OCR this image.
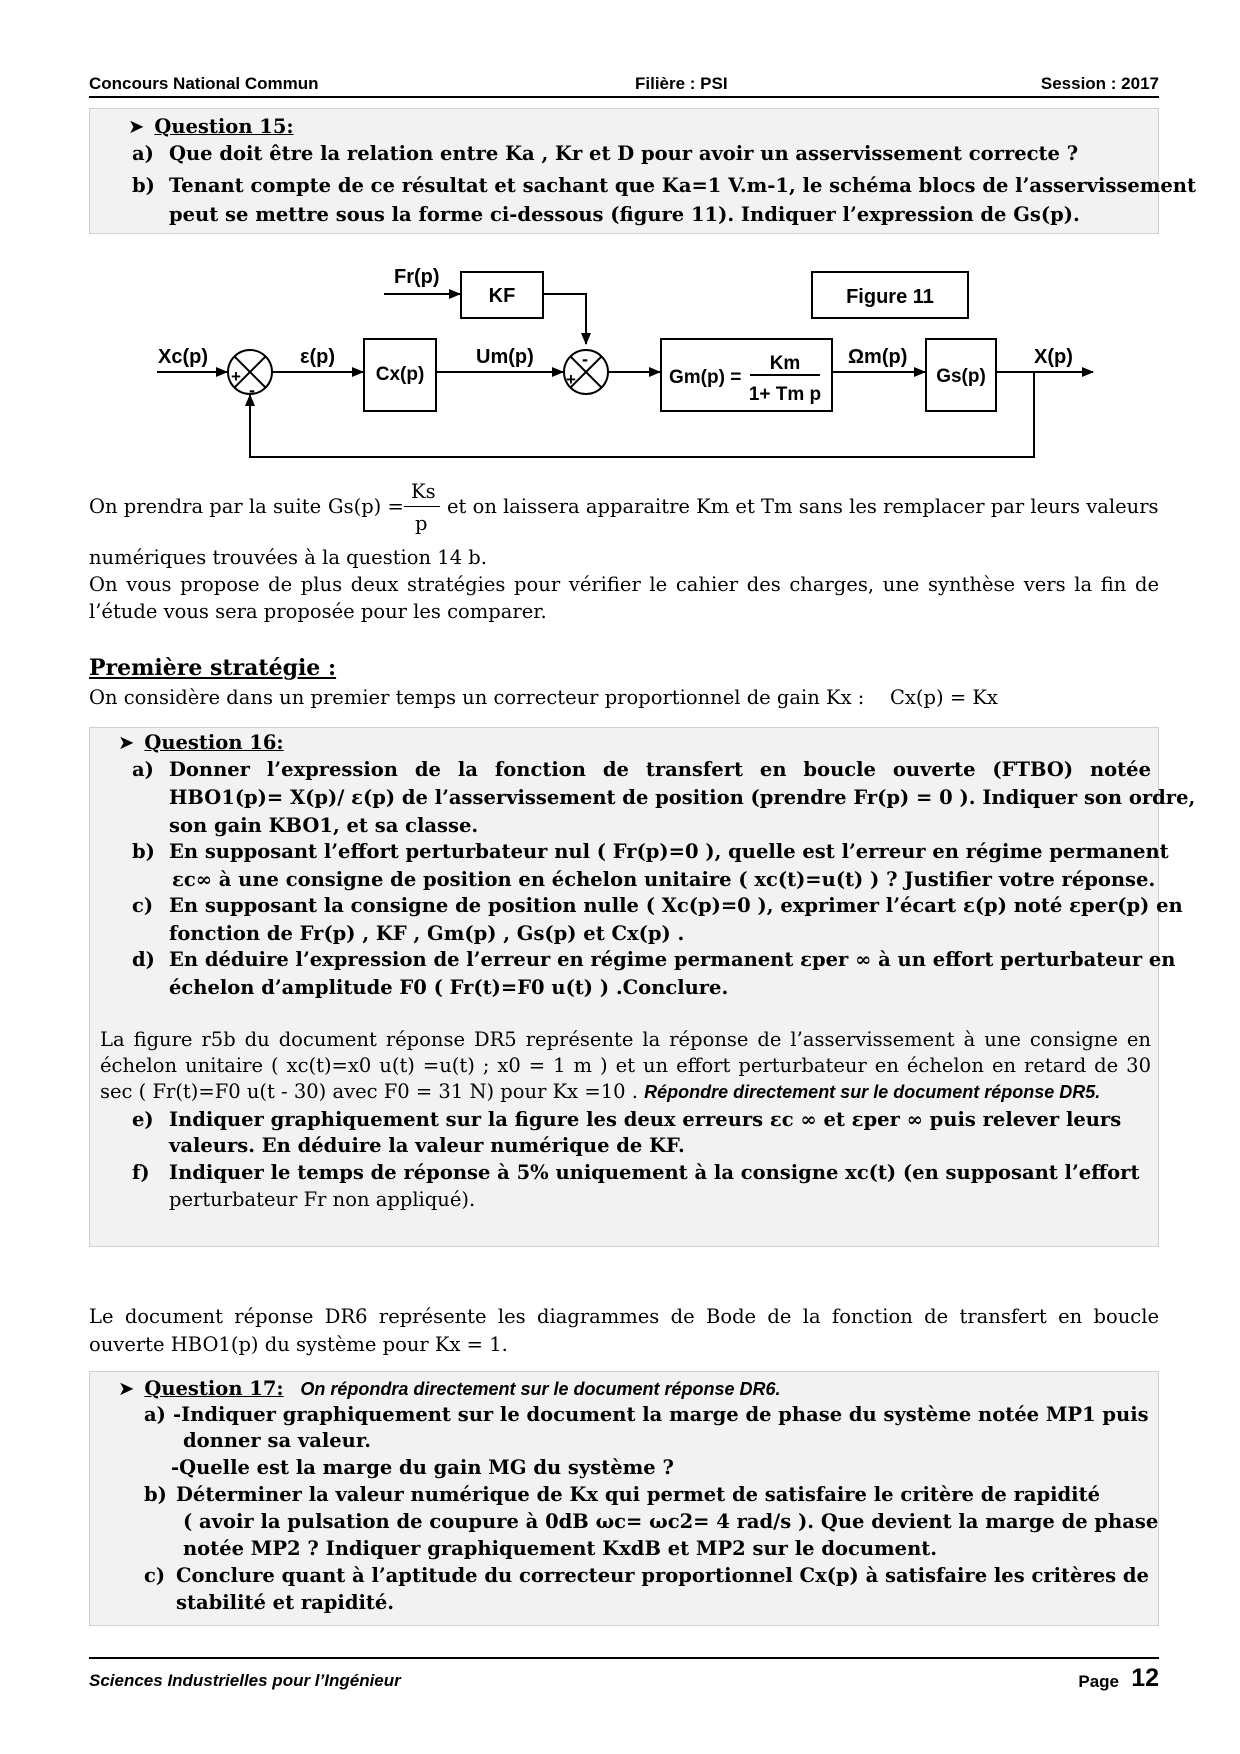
Concours National Commun	Filière : PSI	Session : 2017
➤ Question 15:
a) Que doit être la relation entre Ka , Kr et D pour avoir un asservissement correcte ?
b) Tenant compte de ce résultat et sachant que Ka=1 V.m-1, le schéma blocs de l’asservissement
peut se mettre sous la forme ci-dessous (figure 11). Indiquer l’expression de Gs(p).
Figure 11
Fr(p)
KF
Xc(p)	ε(p)
Cx(p)
Um(p)
Gm(p) =
Km
1+ Tm p
Ωm(p)
Gs(p)
X(p)
+
-
-
+
On prendra par la suite Gs(p) =
Ks
p
et on laissera apparaitre Km et Tm sans les remplacer par leurs valeurs
numériques trouvées à la question 14 b.
On vous propose de plus deux stratégies pour vérifier le cahier des charges, une synthèse vers la fin de
l’étude vous sera proposée pour les comparer.
Première stratégie :
On considère dans un premier temps un correcteur proportionnel de gain Kx : Cx(p) = Kx
➤ Question 16:
a) Donner l’expression de la fonction de transfert en boucle ouverte (FTBO) notée
HBO1(p)= X(p)/ ε(p) de l’asservissement de position (prendre Fr(p) = 0 ). Indiquer son ordre,
son gain KBO1, et sa classe.
b) En supposant l’effort perturbateur nul ( Fr(p)=0 ), quelle est l’erreur en régime permanent
εc∞ à une consigne de position en échelon unitaire ( xc(t)=u(t) ) ? Justifier votre réponse.
c) En supposant la consigne de position nulle ( Xc(p)=0 ), exprimer l’écart ε(p) noté εper(p) en
fonction de Fr(p) , KF , Gm(p) , Gs(p) et Cx(p) .
d) En déduire l’expression de l’erreur en régime permanent εper ∞ à un effort perturbateur en
échelon d’amplitude F0 ( Fr(t)=F0 u(t) ) .Conclure.
La figure r5b du document réponse DR5 représente la réponse de l’asservissement à une consigne en
échelon unitaire ( xc(t)=x0 u(t) =u(t) ; x0 = 1 m ) et un effort perturbateur en échelon en retard de 30
sec ( Fr(t)=F0 u(t - 30) avec F0 = 31 N) pour Kx =10 . Répondre directement sur le document réponse DR5.
e) Indiquer graphiquement sur la figure les deux erreurs εc ∞ et εper ∞ puis relever leurs
valeurs. En déduire la valeur numérique de KF.
f) Indiquer le temps de réponse à 5% uniquement à la consigne xc(t) (en supposant l’effort
perturbateur Fr non appliqué).
Le document réponse DR6 représente les diagrammes de Bode de la fonction de transfert en boucle
ouverte HBO1(p) du système pour Kx = 1.
➤ Question 17: On répondra directement sur le document réponse DR6.
a) -Indiquer graphiquement sur le document la marge de phase du système notée MP1 puis
donner sa valeur.
-Quelle est la marge du gain MG du système ?
b) Déterminer la valeur numérique de Kx qui permet de satisfaire le critère de rapidité
( avoir la pulsation de coupure à 0dB ωc= ωc2= 4 rad/s ). Que devient la marge de phase
notée MP2 ? Indiquer graphiquement KxdB et MP2 sur le document.
c) Conclure quant à l’aptitude du correcteur proportionnel Cx(p) à satisfaire les critères de
stabilité et rapidité.
Sciences Industrielles pour l’Ingénieur	Page 12
